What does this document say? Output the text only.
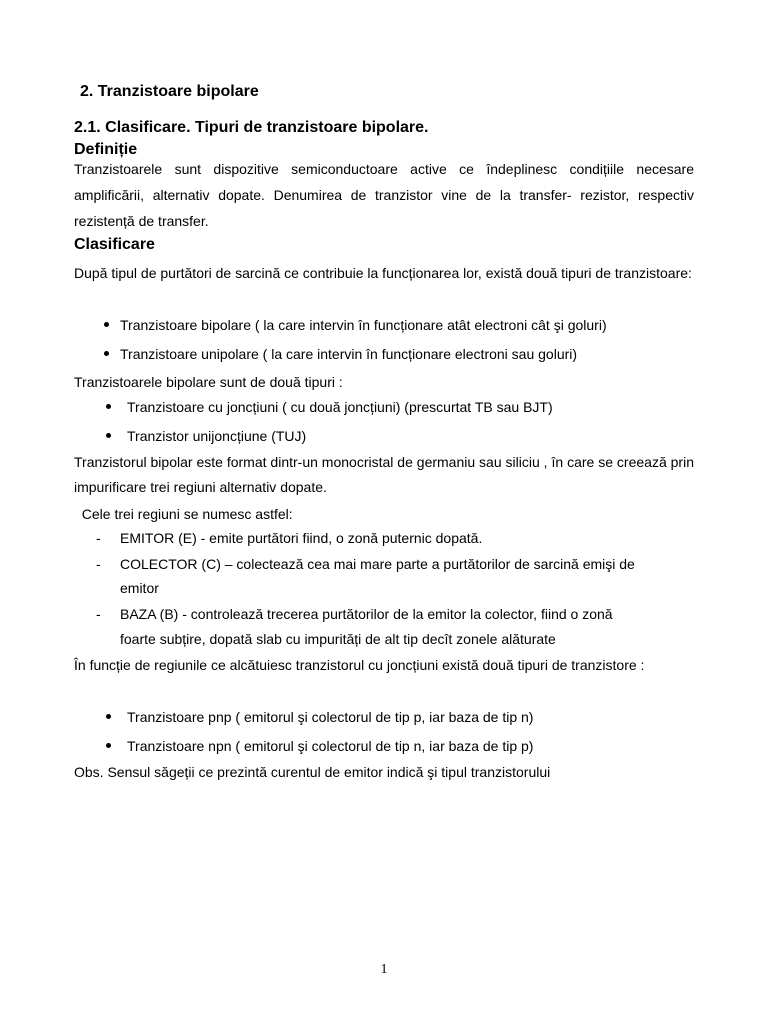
2. Tranzistoare bipolare
2.1. Clasificare. Tipuri de tranzistoare bipolare.
Definiție

Tranzistoarele sunt dispozitive semiconductoare active ce îndeplinesc condițiile necesare amplificării, alternativ dopate. Denumirea de tranzistor vine de la transfer- rezistor, respectiv rezistență de transfer.

Clasificare

După tipul de purtători de sarcină ce contribuie la funcționarea lor, există două tipuri de tranzistoare:

Tranzistoare bipolare ( la care intervin în funcționare atât electroni cât şi goluri)

Tranzistoare unipolare ( la care intervin în funcționare electroni sau goluri)

Tranzistoarele bipolare sunt de două tipuri :

Tranzistoare cu joncțiuni ( cu două joncțiuni) (prescurtat TB sau BJT)

Tranzistor unijoncțiune (TUJ)

Tranzistorul bipolar este format dintr-un monocristal de germaniu sau siliciu , în care se creează prin impurificare trei regiuni alternativ dopate.

Cele trei regiuni se numesc astfel:

- EMITOR (E) - emite purtători fiind, o zonă puternic dopată.

- COLECTOR (C) – colectează cea mai mare parte a purtătorilor de sarcină emişi de

emitor

- BAZA (B) - controlează trecerea purtătorilor de la emitor la colector, fiind o zonă

foarte subțire, dopată slab cu impurități de alt tip decît zonele alăturate

În funcție de regiunile ce alcătuiesc tranzistorul cu joncțiuni există două tipuri de tranzistore :

Tranzistoare pnp ( emitorul şi colectorul de tip p, iar baza de tip n)

Tranzistoare npn ( emitorul şi colectorul de tip n, iar baza de tip p)

Obs. Sensul săgeții ce prezintă curentul de emitor indică şi tipul tranzistorului

1
